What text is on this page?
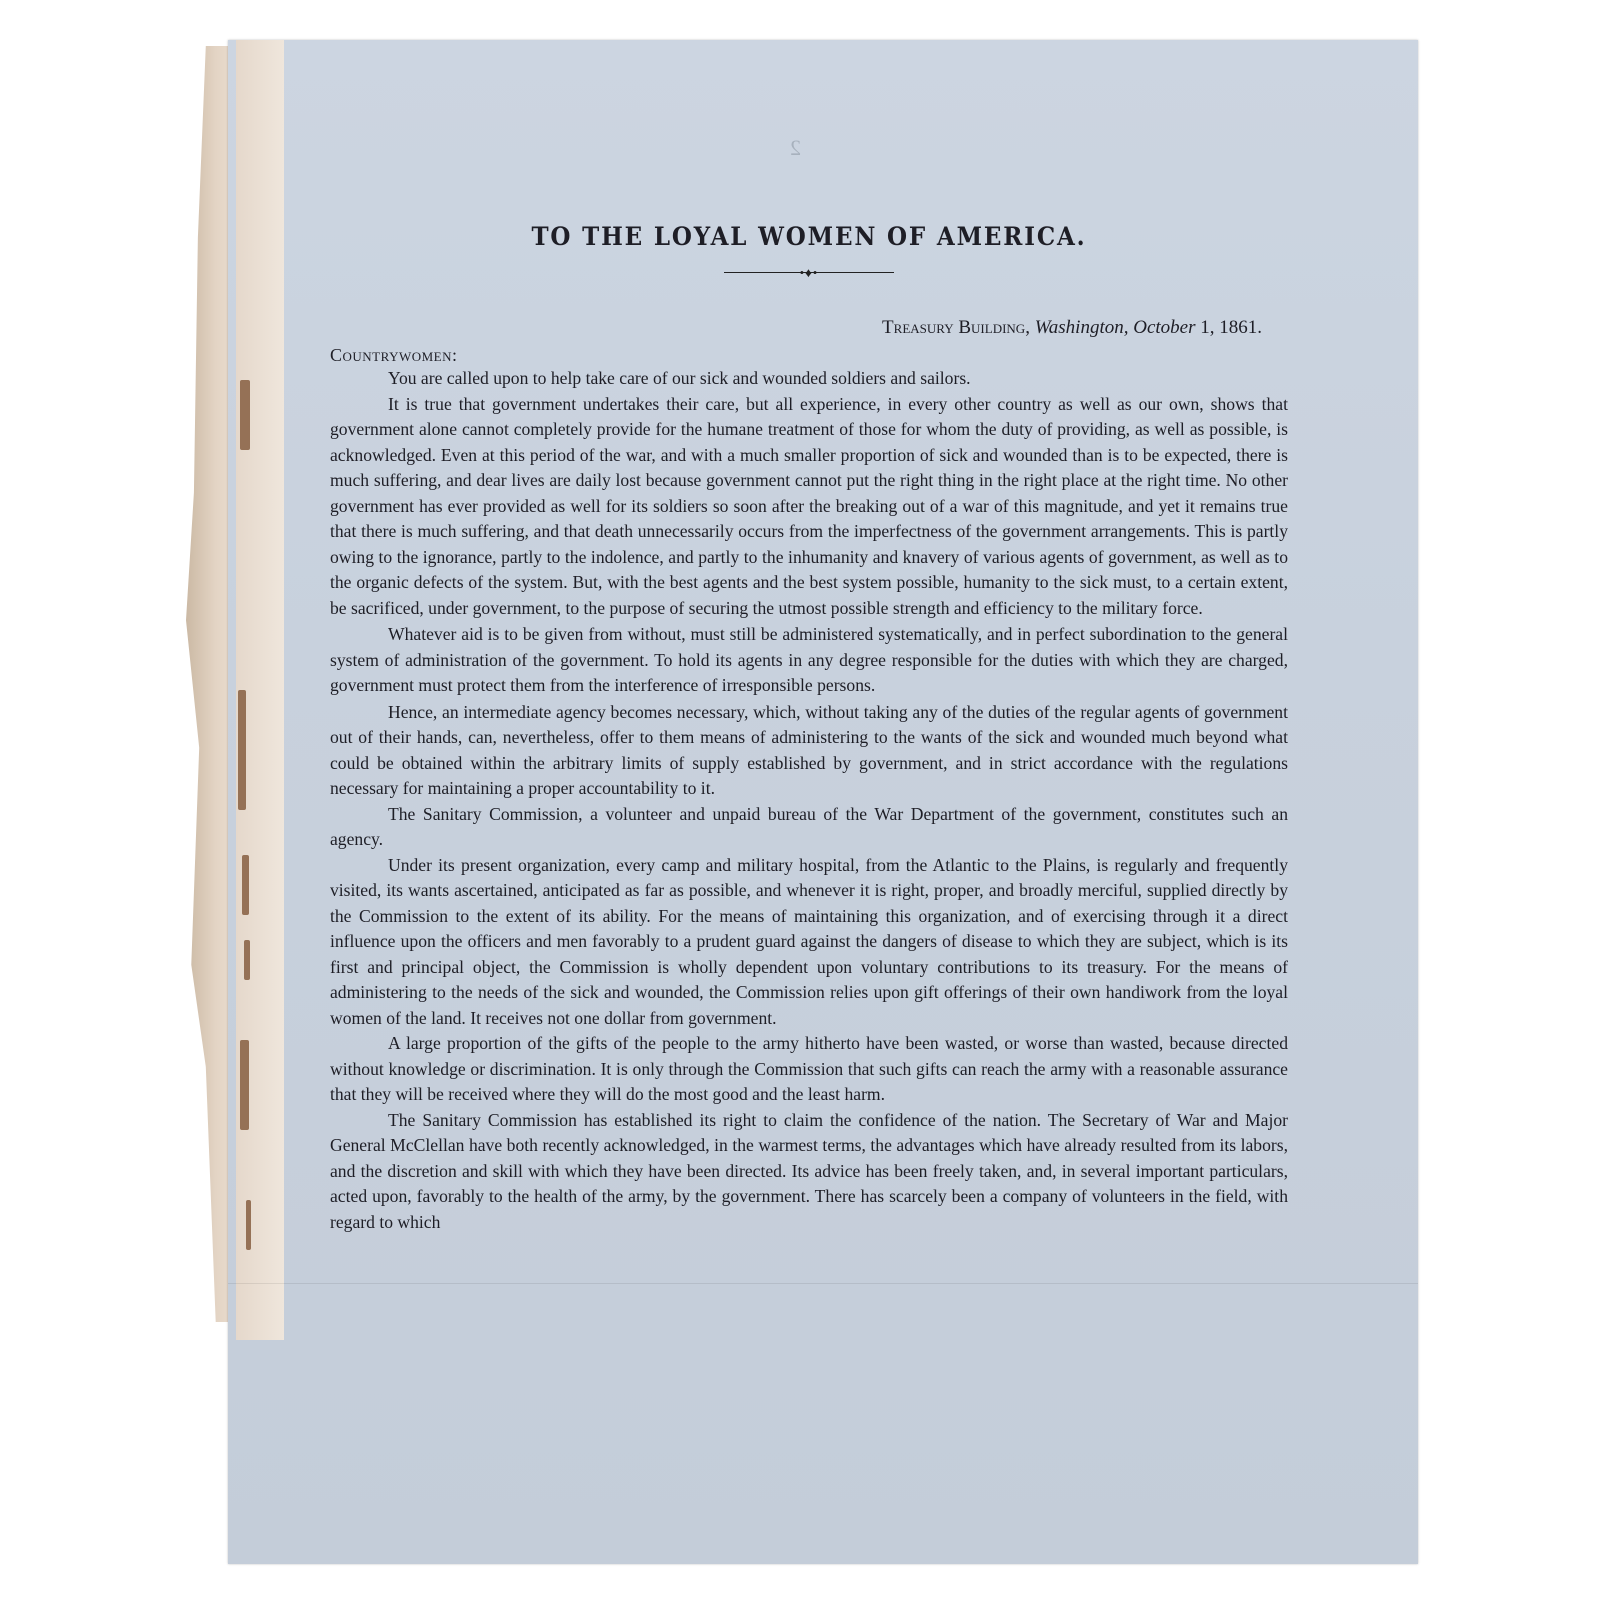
2
TO THE LOYAL WOMEN OF AMERICA.
•♦•
Treasury Building, Washington, October 1, 1861.
Countrywomen:

You are called upon to help take care of our sick and wounded soldiers and sailors.

It is true that government undertakes their care, but all experience, in every other country as well as our own, shows that government alone cannot completely provide for the humane treatment of those for whom the duty of providing, as well as possible, is acknowledged. Even at this period of the war, and with a much smaller proportion of sick and wounded than is to be expected, there is much suffering, and dear lives are daily lost because government cannot put the right thing in the right place at the right time. No other government has ever provided as well for its soldiers so soon after the breaking out of a war of this magnitude, and yet it remains true that there is much suffering, and that death unnecessarily occurs from the imperfectness of the government arrangements. This is partly owing to the ignorance, partly to the indolence, and partly to the inhumanity and knavery of various agents of government, as well as to the organic defects of the system. But, with the best agents and the best system possible, humanity to the sick must, to a certain extent, be sacrificed, under government, to the purpose of securing the utmost possible strength and efficiency to the military force.

Whatever aid is to be given from without, must still be administered systematically, and in perfect subordination to the general system of administration of the government. To hold its agents in any degree responsible for the duties with which they are charged, government must protect them from the interference of irresponsible persons.

Hence, an intermediate agency becomes necessary, which, without taking any of the duties of the regular agents of government out of their hands, can, nevertheless, offer to them means of administering to the wants of the sick and wounded much beyond what could be obtained within the arbitrary limits of supply established by government, and in strict accordance with the regulations necessary for maintaining a proper accountability to it.

The Sanitary Commission, a volunteer and unpaid bureau of the War Department of the government, constitutes such an agency.

Under its present organization, every camp and military hospital, from the Atlantic to the Plains, is regularly and frequently visited, its wants ascertained, anticipated as far as possible, and whenever it is right, proper, and broadly merciful, supplied directly by the Commission to the extent of its ability. For the means of maintaining this organization, and of exercising through it a direct influence upon the officers and men favorably to a prudent guard against the dangers of disease to which they are subject, which is its first and principal object, the Commission is wholly dependent upon voluntary contributions to its treasury. For the means of administering to the needs of the sick and wounded, the Commission relies upon gift offerings of their own handiwork from the loyal women of the land. It receives not one dollar from government.

A large proportion of the gifts of the people to the army hitherto have been wasted, or worse than wasted, because directed without knowledge or discrimination. It is only through the Commission that such gifts can reach the army with a reasonable assurance that they will be received where they will do the most good and the least harm.

The Sanitary Commission has established its right to claim the confidence of the nation. The Secretary of War and Major General McClellan have both recently acknowledged, in the warmest terms, the advantages which have already resulted from its labors, and the discretion and skill with which they have been directed. Its advice has been freely taken, and, in several important particulars, acted upon, favorably to the health of the army, by the government. There has scarcely been a company of volunteers in the field, with regard to which
